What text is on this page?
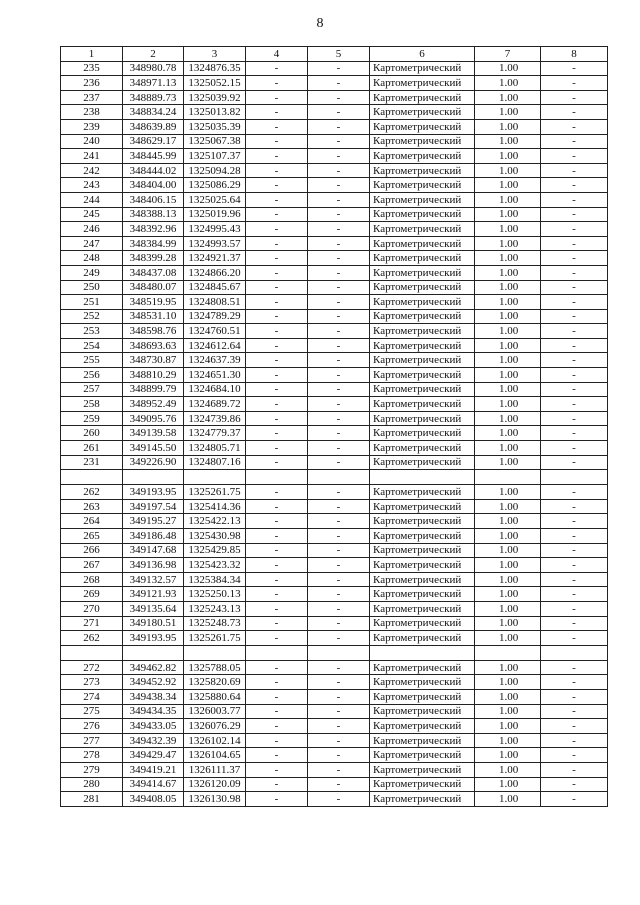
8
1	2	3	4	5	6	7	8
235	348980.78	1324876.35	-	-	Картометрический	1.00	-
236	348971.13	1325052.15	-	-	Картометрический	1.00	-
237	348889.73	1325039.92	-	-	Картометрический	1.00	-
238	348834.24	1325013.82	-	-	Картометрический	1.00	-
239	348639.89	1325035.39	-	-	Картометрический	1.00	-
240	348629.17	1325067.38	-	-	Картометрический	1.00	-
241	348445.99	1325107.37	-	-	Картометрический	1.00	-
242	348444.02	1325094.28	-	-	Картометрический	1.00	-
243	348404.00	1325086.29	-	-	Картометрический	1.00	-
244	348406.15	1325025.64	-	-	Картометрический	1.00	-
245	348388.13	1325019.96	-	-	Картометрический	1.00	-
246	348392.96	1324995.43	-	-	Картометрический	1.00	-
247	348384.99	1324993.57	-	-	Картометрический	1.00	-
248	348399.28	1324921.37	-	-	Картометрический	1.00	-
249	348437.08	1324866.20	-	-	Картометрический	1.00	-
250	348480.07	1324845.67	-	-	Картометрический	1.00	-
251	348519.95	1324808.51	-	-	Картометрический	1.00	-
252	348531.10	1324789.29	-	-	Картометрический	1.00	-
253	348598.76	1324760.51	-	-	Картометрический	1.00	-
254	348693.63	1324612.64	-	-	Картометрический	1.00	-
255	348730.87	1324637.39	-	-	Картометрический	1.00	-
256	348810.29	1324651.30	-	-	Картометрический	1.00	-
257	348899.79	1324684.10	-	-	Картометрический	1.00	-
258	348952.49	1324689.72	-	-	Картометрический	1.00	-
259	349095.76	1324739.86	-	-	Картометрический	1.00	-
260	349139.58	1324779.37	-	-	Картометрический	1.00	-
261	349145.50	1324805.71	-	-	Картометрический	1.00	-
231	349226.90	1324807.16	-	-	Картометрический	1.00	-

262	349193.95	1325261.75	-	-	Картометрический	1.00	-
263	349197.54	1325414.36	-	-	Картометрический	1.00	-
264	349195.27	1325422.13	-	-	Картометрический	1.00	-
265	349186.48	1325430.98	-	-	Картометрический	1.00	-
266	349147.68	1325429.85	-	-	Картометрический	1.00	-
267	349136.98	1325423.32	-	-	Картометрический	1.00	-
268	349132.57	1325384.34	-	-	Картометрический	1.00	-
269	349121.93	1325250.13	-	-	Картометрический	1.00	-
270	349135.64	1325243.13	-	-	Картометрический	1.00	-
271	349180.51	1325248.73	-	-	Картометрический	1.00	-
262	349193.95	1325261.75	-	-	Картометрический	1.00	-

272	349462.82	1325788.05	-	-	Картометрический	1.00	-
273	349452.92	1325820.69	-	-	Картометрический	1.00	-
274	349438.34	1325880.64	-	-	Картометрический	1.00	-
275	349434.35	1326003.77	-	-	Картометрический	1.00	-
276	349433.05	1326076.29	-	-	Картометрический	1.00	-
277	349432.39	1326102.14	-	-	Картометрический	1.00	-
278	349429.47	1326104.65	-	-	Картометрический	1.00	-
279	349419.21	1326111.37	-	-	Картометрический	1.00	-
280	349414.67	1326120.09	-	-	Картометрический	1.00	-
281	349408.05	1326130.98	-	-	Картометрический	1.00	-
